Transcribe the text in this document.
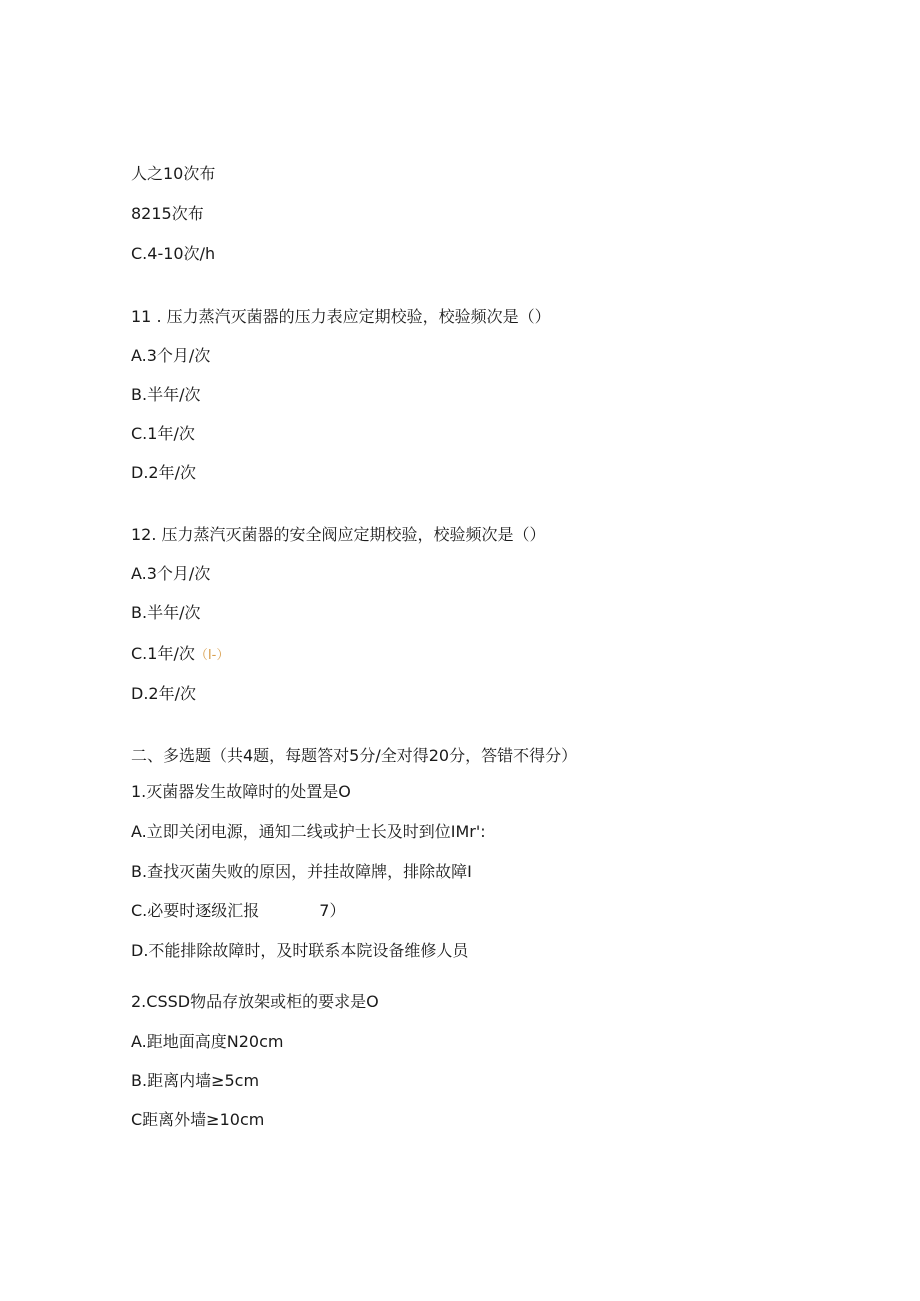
人之10次布
8215次布
C.4-10次/h
11 . 压力蒸汽灭菌器的压力表应定期校验，校验频次是（）
A.3个月/次
B.半年/次
C.1年/次
D.2年/次
12. 压力蒸汽灭菌器的安全阀应定期校验，校验频次是（）
A.3个月/次
B.半年/次
C.1年/次（I-）
D.2年/次
二、多选题（共4题，每题答对5分/全对得20分，答错不得分）
1.灭菌器发生故障时的处置是O
A.立即关闭电源，通知二线或护士长及时到位IMr':
B.查找灭菌失败的原因，并挂故障牌，排除故障I
C.必要时逐级汇报	7）
D.不能排除故障时，及时联系本院设备维修人员
2.CSSD物品存放架或柜的要求是O
A.距地面高度N20cm
B.距离内墙≥5cm
C距离外墙≥10cm
